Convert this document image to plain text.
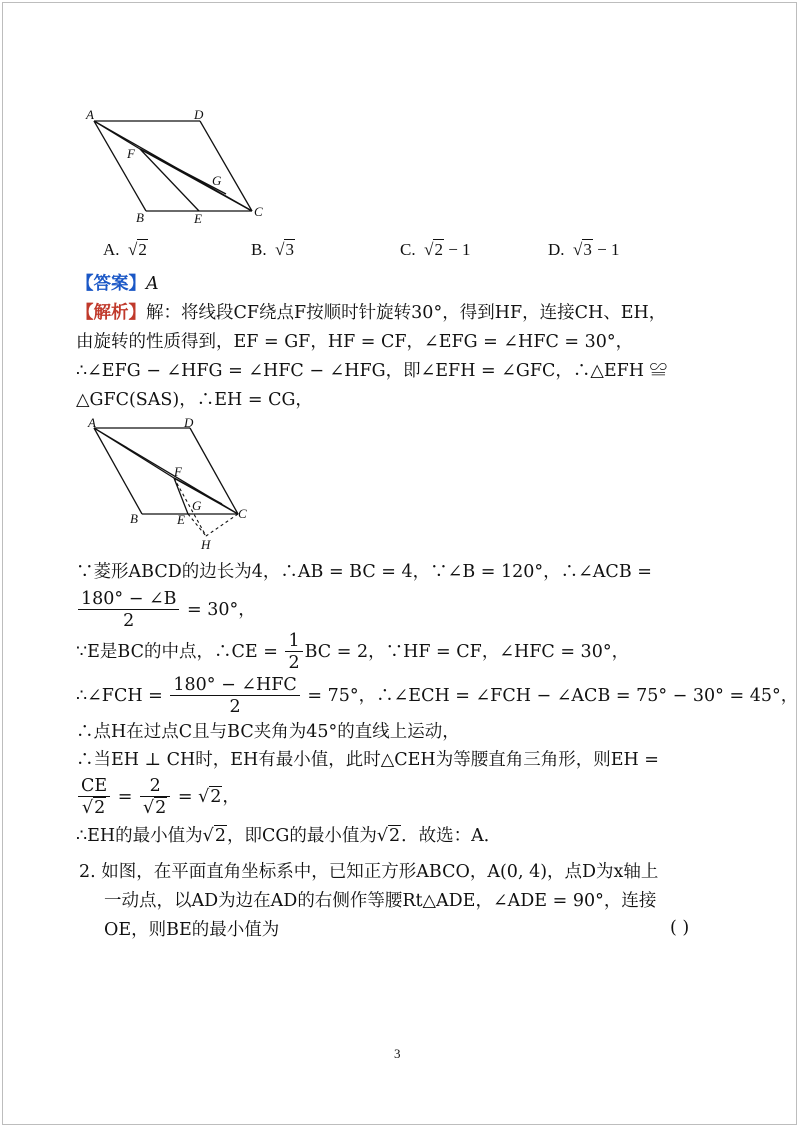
A	D
F
G
B	E	C
A. √2	B. √3	C. √2 − 1	D. √3 − 1
【答案】A
【解析】解：将线段CF绕点F按顺时针旋转30°，得到HF，连接CH、EH，
由旋转的性质得到，EF = GF，HF = CF，∠EFG = ∠HFC = 30°，
∴∠EFG − ∠HFG = ∠HFC − ∠HFG，即∠EFH = ∠GFC，∴△EFH ≌
△GFC(SAS)，∴EH = CG，
A	D
F
G
B	E	C
H
∵菱形ABCD的边长为4，∴AB = BC = 4，∵∠B = 120°，∴∠ACB =
$\frac{180^\circ - \angle B}{2} = 30^\circ$，
∵E是BC的中点，∴CE = $\frac{1}{2}$ BC = 2，∵HF = CF，∠HFC = 30°，
∴∠FCH = $\frac{\text{180° − ∠HFC}}{2} = 75^\circ$，∴∠ECH = ∠FCH − ∠ACB = 75° − 30° = 45°，
∴点H在过点C且与BC夹角为45°的直线上运动，
∴当EH ⊥ CH时，EH有最小值，此时△CEH为等腰直角三角形，则EH =
$\frac{CE}{√2} = \frac{2}{√2} = √2$，
∴EH的最小值为√2，即CG的最小值为√2．故选：A．
2. 如图，在平面直角坐标系中，已知正方形ABCO，A(0, 4)，点D为x轴上
一动点，以AD为边在AD的右侧作等腰Rt△ADE，∠ADE = 90°，连接
OE，则BE的最小值为	( )
3
